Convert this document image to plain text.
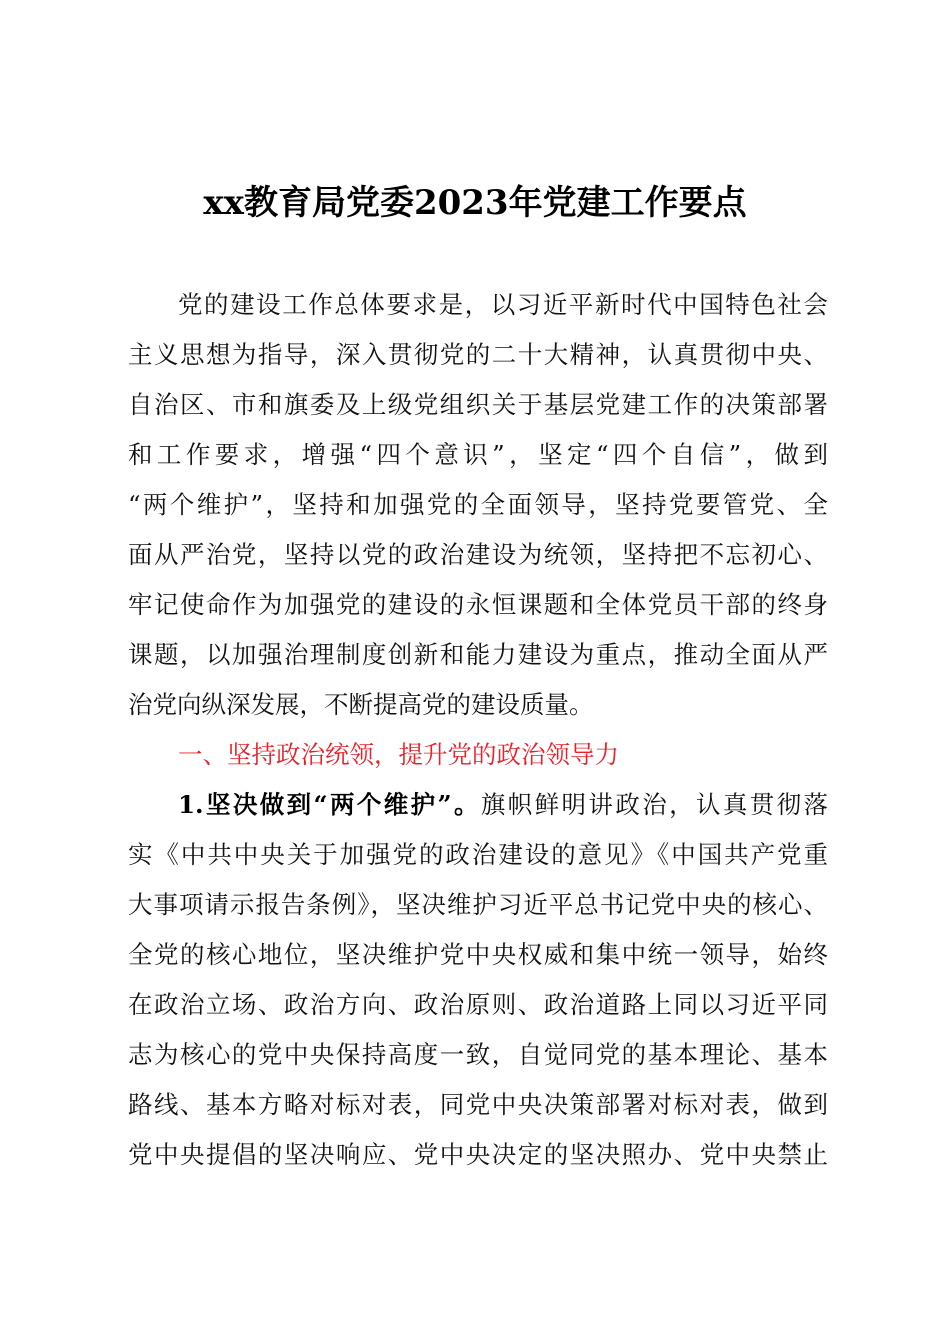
xx教育局党委2023年党建工作要点
党的建设工作总体要求是，以习近平新时代中国特色社会
主义思想为指导，深入贯彻党的二十大精神，认真贯彻中央、
自治区、市和旗委及上级党组织关于基层党建工作的决策部署
和工作要求，增强“四个意识”，坚定“四个自信”，做到
“两个维护”，坚持和加强党的全面领导，坚持党要管党、全
面从严治党，坚持以党的政治建设为统领，坚持把不忘初心、
牢记使命作为加强党的建设的永恒课题和全体党员干部的终身
课题，以加强治理制度创新和能力建设为重点，推动全面从严
治党向纵深发展，不断提高党的建设质量。
一、坚持政治统领，提升党的政治领导力
1.坚决做到“两个维护”。旗帜鲜明讲政治，认真贯彻落
实《中共中央关于加强党的政治建设的意见》《中国共产党重
大事项请示报告条例》，坚决维护习近平总书记党中央的核心、
全党的核心地位，坚决维护党中央权威和集中统一领导，始终
在政治立场、政治方向、政治原则、政治道路上同以习近平同
志为核心的党中央保持高度一致，自觉同党的基本理论、基本
路线、基本方略对标对表，同党中央决策部署对标对表，做到
党中央提倡的坚决响应、党中央决定的坚决照办、党中央禁止
